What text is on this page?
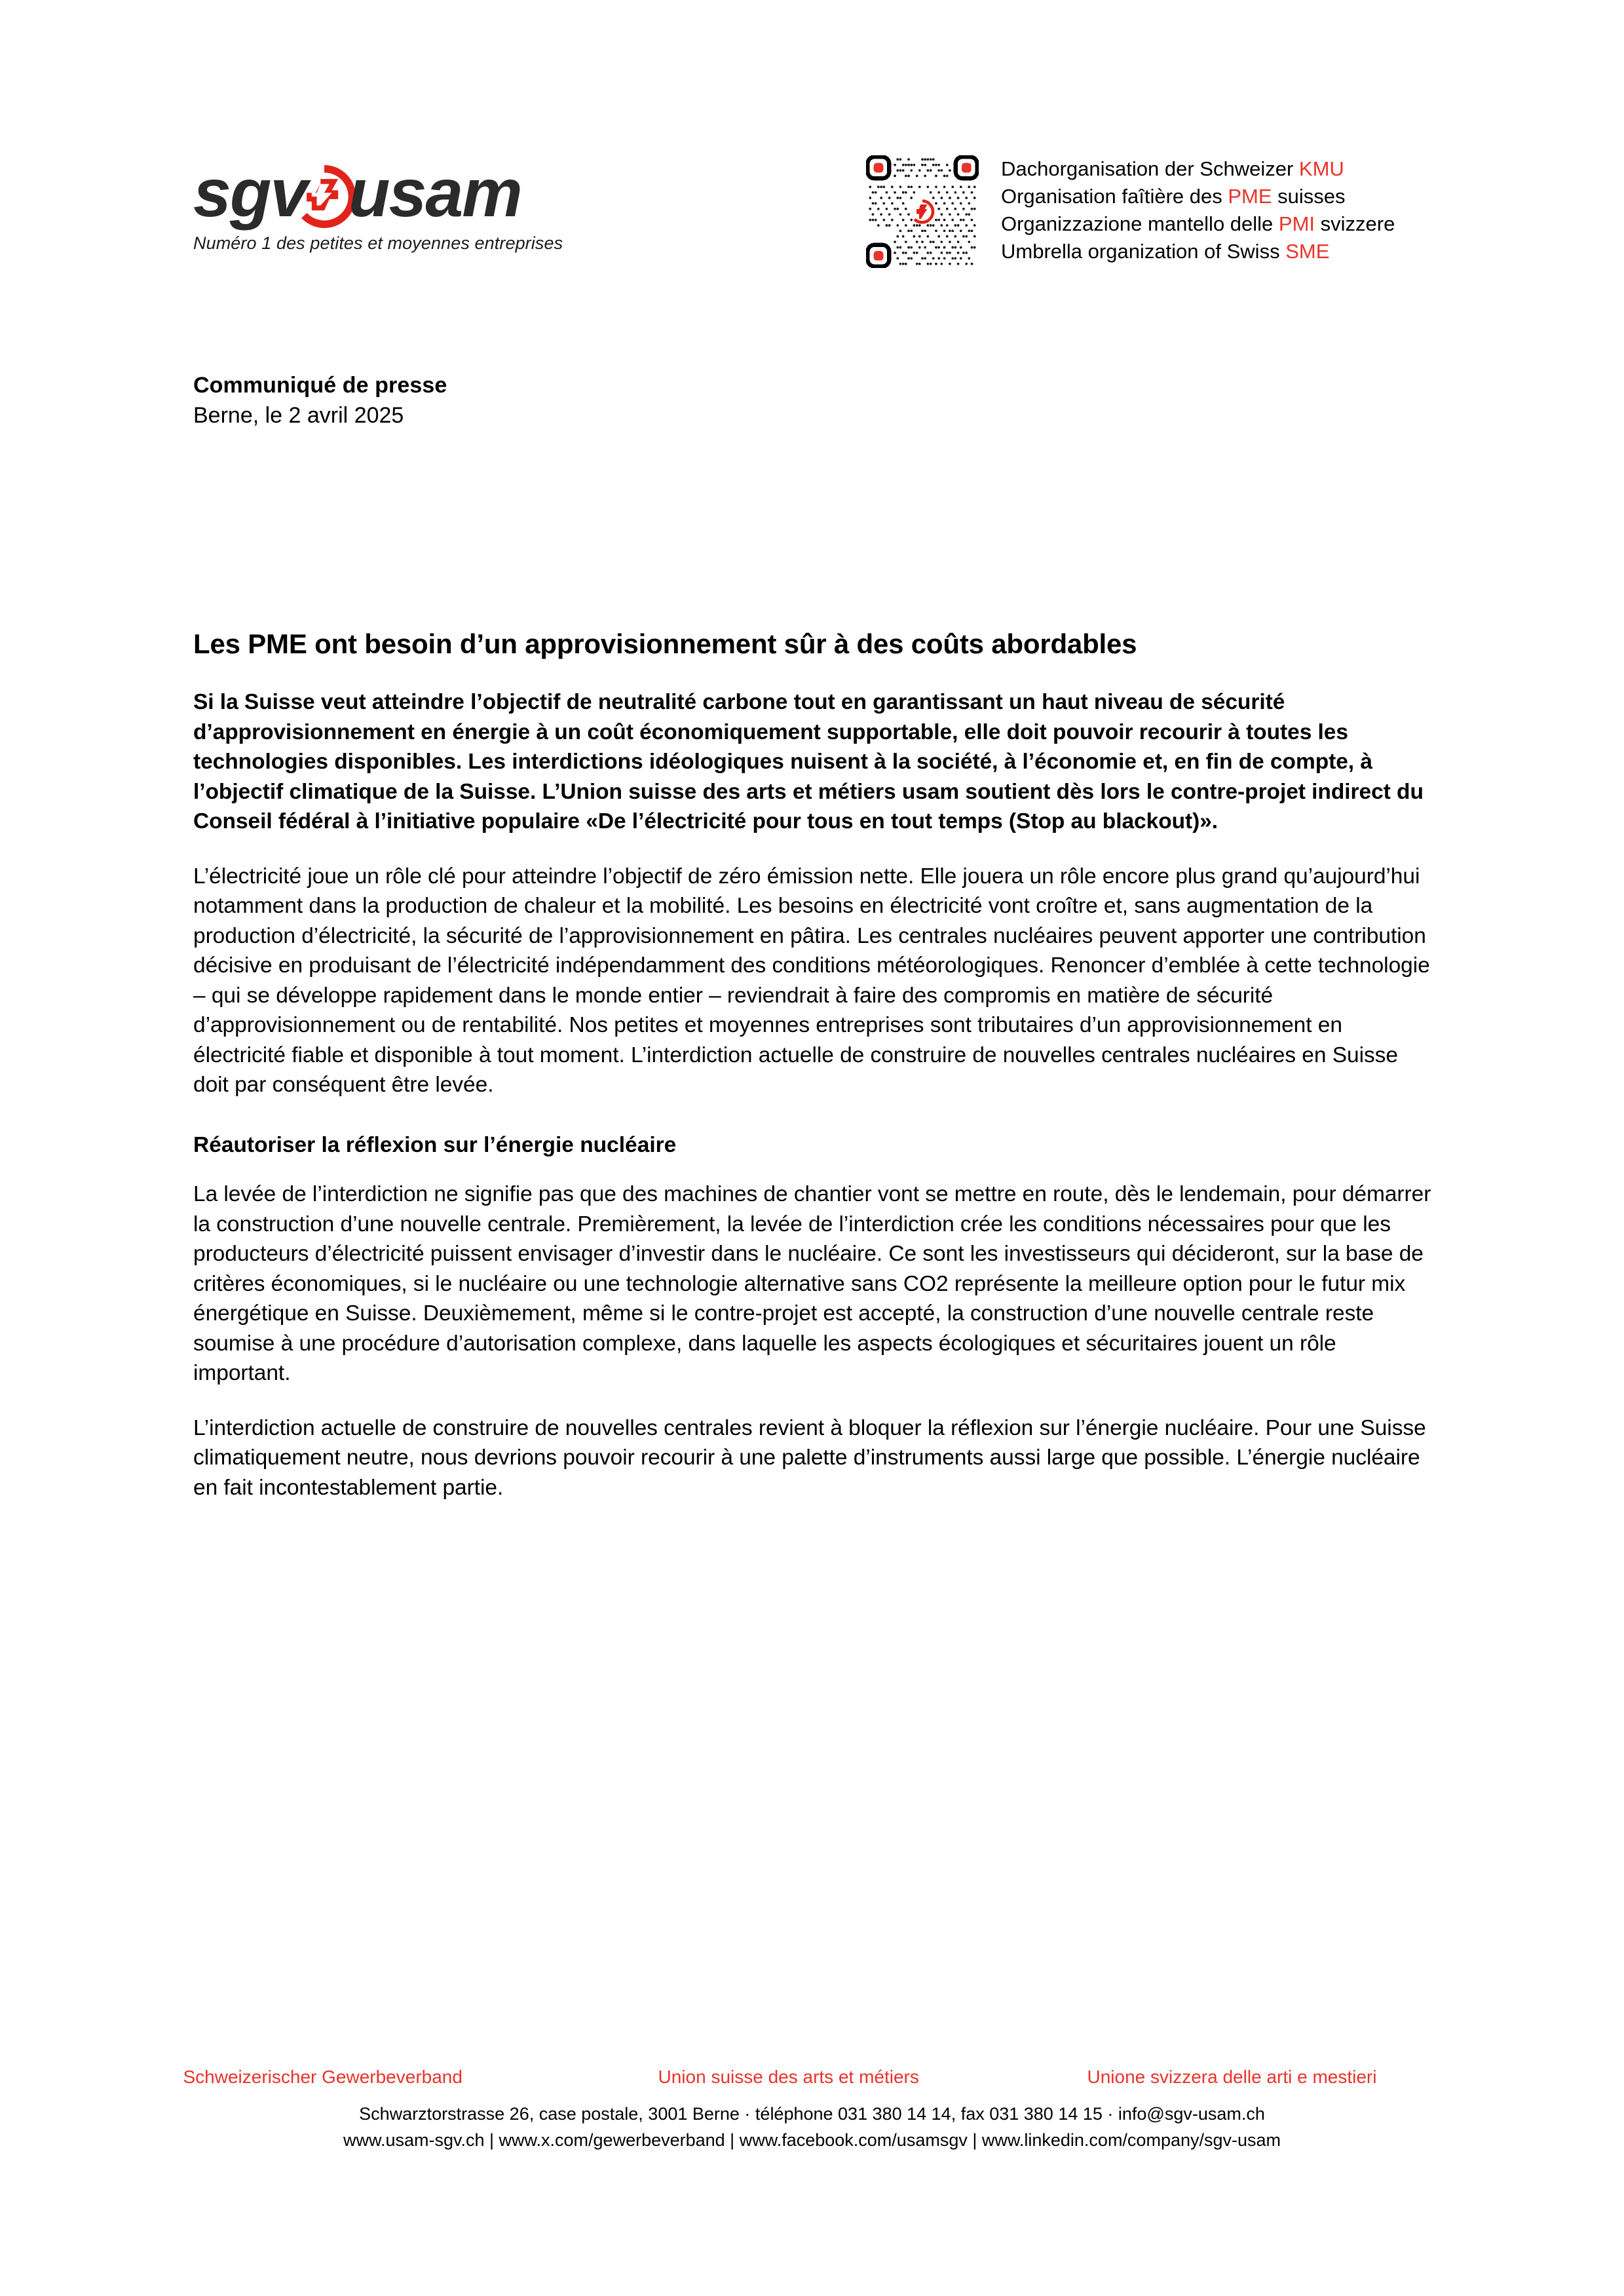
sgv usam
Numéro 1 des petites et moyennes entreprises
Dachorganisation der Schweizer KMU
Organisation faîtière des PME suisses
Organizzazione mantello delle PMI svizzere
Umbrella organization of Swiss SME
Communiqué de presse
Berne, le 2 avril 2025
Les PME ont besoin d’un approvisionnement sûr à des coûts abordables

Si la Suisse veut atteindre l’objectif de neutralité carbone tout en garantissant un haut niveau de sécurité d’approvisionnement en énergie à un coût économiquement supportable, elle doit pouvoir recourir à toutes les technologies disponibles. Les interdictions idéologiques nuisent à la société, à l’économie et, en fin de compte, à l’objectif climatique de la Suisse. L’Union suisse des arts et métiers usam soutient dès lors le contre-projet indirect du Conseil fédéral à l’initiative populaire «De l’électricité pour tous en tout temps (Stop au blackout)».

L’électricité joue un rôle clé pour atteindre l’objectif de zéro émission nette. Elle jouera un rôle encore plus grand qu’aujourd’hui notamment dans la production de chaleur et la mobilité. Les besoins en électricité vont croître et, sans augmentation de la production d’électricité, la sécurité de l’approvisionnement en pâtira. Les centrales nucléaires peuvent apporter une contribution décisive en produisant de l’électricité indépendamment des conditions météorologiques. Renoncer d’emblée à cette technologie – qui se développe rapidement dans le monde entier – reviendrait à faire des compromis en matière de sécurité d’approvisionnement ou de rentabilité. Nos petites et moyennes entreprises sont tributaires d’un approvisionnement en électricité fiable et disponible à tout moment. L’interdiction actuelle de construire de nouvelles centrales nucléaires en Suisse doit par conséquent être levée.

Réautoriser la réflexion sur l’énergie nucléaire

La levée de l’interdiction ne signifie pas que des machines de chantier vont se mettre en route, dès le lendemain, pour démarrer la construction d’une nouvelle centrale. Premièrement, la levée de l’interdiction crée les conditions nécessaires pour que les producteurs d’électricité puissent envisager d’investir dans le nucléaire. Ce sont les investisseurs qui décideront, sur la base de critères économiques, si le nucléaire ou une technologie alternative sans CO2 représente la meilleure option pour le futur mix énergétique en Suisse. Deuxièmement, même si le contre-projet est accepté, la construction d’une nouvelle centrale reste soumise à une procédure d’autorisation complexe, dans laquelle les aspects écologiques et sécuritaires jouent un rôle important.

L’interdiction actuelle de construire de nouvelles centrales revient à bloquer la réflexion sur l’énergie nucléaire. Pour une Suisse climatiquement neutre, nous devrions pouvoir recourir à une palette d’instruments aussi large que possible. L’énergie nucléaire en fait incontestablement partie.

Schweizerischer Gewerbeverband	Union suisse des arts et métiers	Unione svizzera delle arti e mestieri
Schwarztorstrasse 26, case postale, 3001 Berne · téléphone 031 380 14 14, fax 031 380 14 15 · info@sgv-usam.ch
www.usam-sgv.ch | www.x.com/gewerbeverband | www.facebook.com/usamsgv | www.linkedin.com/company/sgv-usam
